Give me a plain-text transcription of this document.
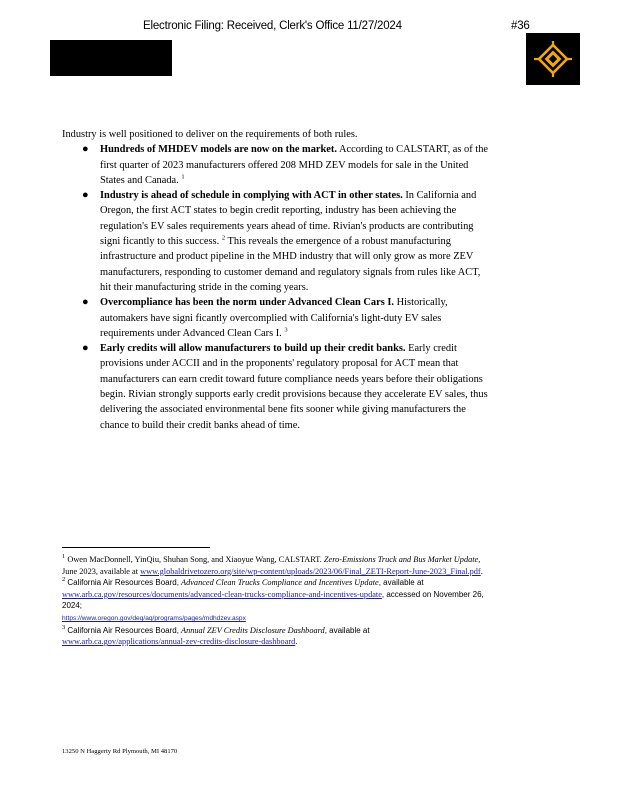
Electronic Filing: Received, Clerk's Office 11/27/2024	#36

Industry is well positioned to deliver on the requirements of both rules.

● Hundreds of MHDEV models are now on the market. According to CALSTART, as of the first quarter of 2023 manufacturers offered 208 MHD ZEV models for sale in the United States and Canada. $^1$
● Industry is ahead of schedule in complying with ACT in other states. In California and Oregon, the first ACT states to begin credit reporting, industry has been achieving the regulation's EV sales requirements years ahead of time. Rivian's products are contributing signi ficantly to this success. $^2$ This reveals the emergence of a robust manufacturing infrastructure and product pipeline in the MHD industry that will only grow as more ZEV manufacturers, responding to customer demand and regulatory signals from rules like ACT, hit their manufacturing stride in the coming years.
● Overcompliance has been the norm under Advanced Clean Cars I. Historically, automakers have signi ficantly overcomplied with California's light-duty EV sales requirements under Advanced Clean Cars I. $^3$
● Early credits will allow manufacturers to build up their credit banks. Early credit provisions under ACCII and in the proponents' regulatory proposal for ACT mean that manufacturers can earn credit toward future compliance needs years before their obligations begin. Rivian strongly supports early credit provisions because they accelerate EV sales, thus delivering the associated environmental bene fits sooner while giving manufacturers the chance to build their credit banks ahead of time.

$^1$ Owen MacDonnell, YinQiu, Shuhan Song, and Xiaoyue Wang, CALSTART. Zero-Emissions Truck and Bus Market Update, June 2023, available at www.globaldrivetozero.org/site/wp-content/uploads/2023/06/Final_ZETI-Report-June-2023_Final.pdf.

$^2$ California Air Resources Board, Advanced Clean Trucks Compliance and Incentives Update, available at www.arb.ca.gov/resources/documents/advanced-clean-trucks-compliance-and-incentives-update, accessed on November 26, 2024;
https://www.oregon.gov/deq/aq/programs/pages/mdhdzev.aspx

$^3$ California Air Resources Board, Annual ZEV Credits Disclosure Dashboard, available at www.arb.ca.gov/applications/annual-zev-credits-disclosure-dashboard.

13250 N Haggerty Rd Plymouth, MI 48170
